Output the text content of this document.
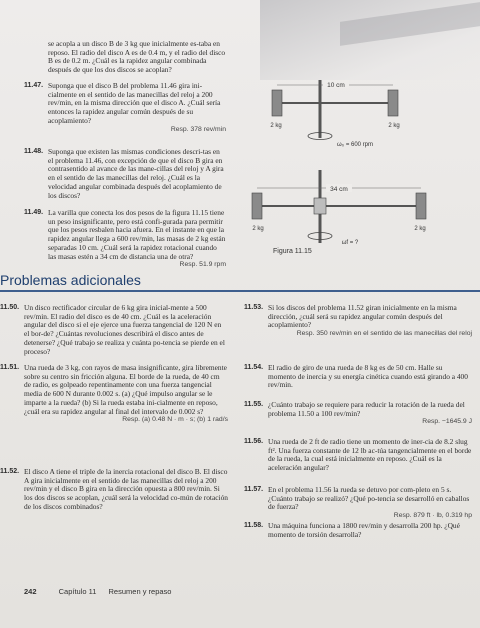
se acopla a un disco B de 3 kg que inicialmente es-taba en reposo. El radio del disco A es de 0.4 m, y el radio del disco B es de 0.2 m. ¿Cuál es la rapidez angular combinada después de que los dos discos se acoplan?
11.47. Suponga que el disco B del problema 11.46 gira ini-cialmente en el sentido de las manecillas del reloj a 200 rev/min, en la misma dirección que el disco A. ¿Cuál sería entonces la rapidez angular común después de su acoplamiento?
Resp. 378 rev/min
11.48. Suponga que existen las mismas condiciones descri-tas en el problema 11.46, con excepción de que el disco B gira en contrasentido al avance de las mane-cillas del reloj y A gira en el sentido de las manecillas del reloj. ¿Cuál es la velocidad angular combinada después del acoplamiento de los discos?
11.49. La varilla que conecta los dos pesos de la figura 11.15 tiene un peso insignificante, pero está confi-gurada para permitir que los pesos resbalen hacia afuera. En el instante en que la rapidez angular llega a 600 rev/min, las masas de 2 kg están separadas 10 cm. ¿Cuál será la rapidez rotacional cuando las masas estén a 34 cm de distancia una de otra?
Resp. 51.9 rpm
10 cm
2 kg	2 kg
ω₀ = 600 rpm
34 cm
2 kg	2 kg
ωf = ?
Figura 11.15
Problemas adicionales
11.50. Un disco rectificador circular de 6 kg gira inicial-mente a 500 rev/min. El radio del disco es de 40 cm. ¿Cuál es la aceleración angular del disco si el eje ejerce una fuerza tangencial de 120 N en el bor-de? ¿Cuántas revoluciones describirá el disco antes de detenerse? ¿Qué trabajo se realiza y cuánta po-tencia se pierde en el proceso?
11.51. Una rueda de 3 kg, con rayos de masa insignificante, gira libremente sobre su centro sin fricción alguna. El borde de la rueda, de 40 cm de radio, es golpeado repentinamente con una fuerza tangencial media de 600 N durante 0.002 s. (a) ¿Qué impulso angular se le imparte a la rueda? (b) Si la rueda estaba ini-cialmente en reposo, ¿cuál era su rapidez angular al final del intervalo de 0.002 s?
Resp. (a) 0.48 N · m · s; (b) 1 rad/s
11.52. El disco A tiene el triple de la inercia rotacional del disco B. El disco A gira inicialmente en el sentido de las manecillas del reloj a 200 rev/min y el disco B gira en la dirección opuesta a 800 rev/min. Si los dos discos se acoplan, ¿cuál será la velocidad co-mún de rotación de los discos combinados?
11.53. Si los discos del problema 11.52 giran inicialmente en la misma dirección, ¿cuál será su rapidez angular común después del acoplamiento?
Resp. 350 rev/min en el sentido de las manecillas del reloj
11.54. El radio de giro de una rueda de 8 kg es de 50 cm. Halle su momento de inercia y su energía cinética cuando está girando a 400 rev/min.
11.55. ¿Cuánto trabajo se requiere para reducir la rotación de la rueda del problema 11.50 a 100 rev/min?
Resp. −1645.9 J
11.56. Una rueda de 2 ft de radio tiene un momento de iner-cia de 8.2 slug ft². Una fuerza constante de 12 lb ac-túa tangencialmente en el borde de la rueda, la cual está inicialmente en reposo. ¿Cuál es la aceleración angular?
11.57. En el problema 11.56 la rueda se detuvo por com-pleto en 5 s. ¿Cuánto trabajo se realizó? ¿Qué po-tencia se desarrolló en caballos de fuerza?
Resp. 879 ft · lb, 0.319 hp
11.58. Una máquina funciona a 1800 rev/min y desarrolla 200 hp. ¿Qué momento de torsión desarrolla?
242	Capítulo 11 Resumen y repaso
